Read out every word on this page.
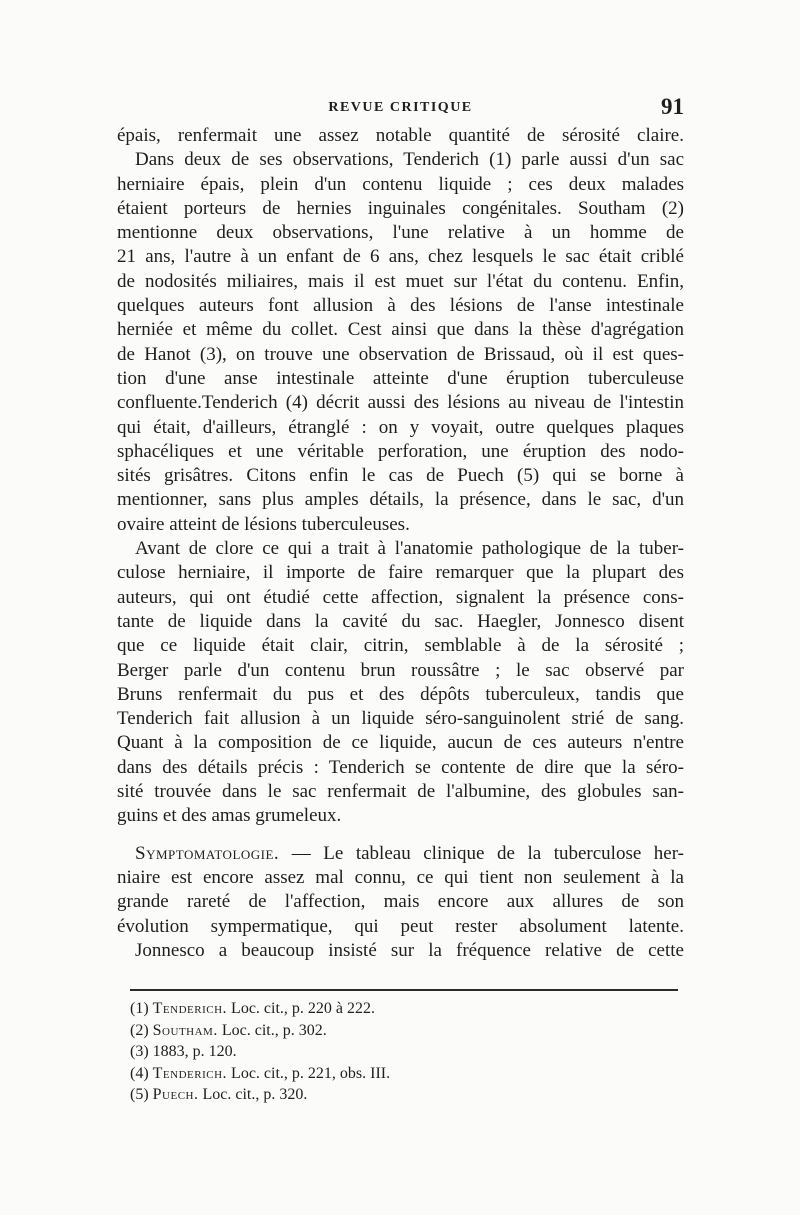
REVUE CRITIQUE	91
épais, renfermait une assez notable quantité de sérosité claire.
Dans deux de ses observations, Tenderich (1) parle aussi d'un sac
herniaire épais, plein d'un contenu liquide ; ces deux malades
étaient porteurs de hernies inguinales congénitales. Southam (2)
mentionne deux observations, l'une relative à un homme de
21 ans, l'autre à un enfant de 6 ans, chez lesquels le sac était criblé
de nodosités miliaires, mais il est muet sur l'état du contenu. Enfin,
quelques auteurs font allusion à des lésions de l'anse intestinale
herniée et même du collet. Cest ainsi que dans la thèse d'agrégation
de Hanot (3), on trouve une observation de Brissaud, où il est ques-
tion d'une anse intestinale atteinte d'une éruption tuberculeuse
confluente.Tenderich (4) décrit aussi des lésions au niveau de l'intestin
qui était, d'ailleurs, étranglé : on y voyait, outre quelques plaques
sphacéliques et une véritable perforation, une éruption des nodo-
sités grisâtres. Citons enfin le cas de Puech (5) qui se borne à
mentionner, sans plus amples détails, la présence, dans le sac, d'un
ovaire atteint de lésions tuberculeuses.
Avant de clore ce qui a trait à l'anatomie pathologique de la tuber-
culose herniaire, il importe de faire remarquer que la plupart des
auteurs, qui ont étudié cette affection, signalent la présence cons-
tante de liquide dans la cavité du sac. Haegler, Jonnesco disent
que ce liquide était clair, citrin, semblable à de la sérosité ;
Berger parle d'un contenu brun roussâtre ; le sac observé par
Bruns renfermait du pus et des dépôts tuberculeux, tandis que
Tenderich fait allusion à un liquide séro-sanguinolent strié de sang.
Quant à la composition de ce liquide, aucun de ces auteurs n'entre
dans des détails précis : Tenderich se contente de dire que la séro-
sité trouvée dans le sac renfermait de l'albumine, des globules san-
guins et des amas grumeleux.
Symptomatologie. — Le tableau clinique de la tuberculose her-
niaire est encore assez mal connu, ce qui tient non seulement à la
grande rareté de l'affection, mais encore aux allures de son
évolution sympermatique, qui peut rester absolument latente.
Jonnesco a beaucoup insisté sur la fréquence relative de cette
(1) Tenderich. Loc. cit., p. 220 à 222.
(2) Southam. Loc. cit., p. 302.
(3) 1883, p. 120.
(4) Tenderich. Loc. cit., p. 221, obs. III.
(5) Puech. Loc. cit., p. 320.
